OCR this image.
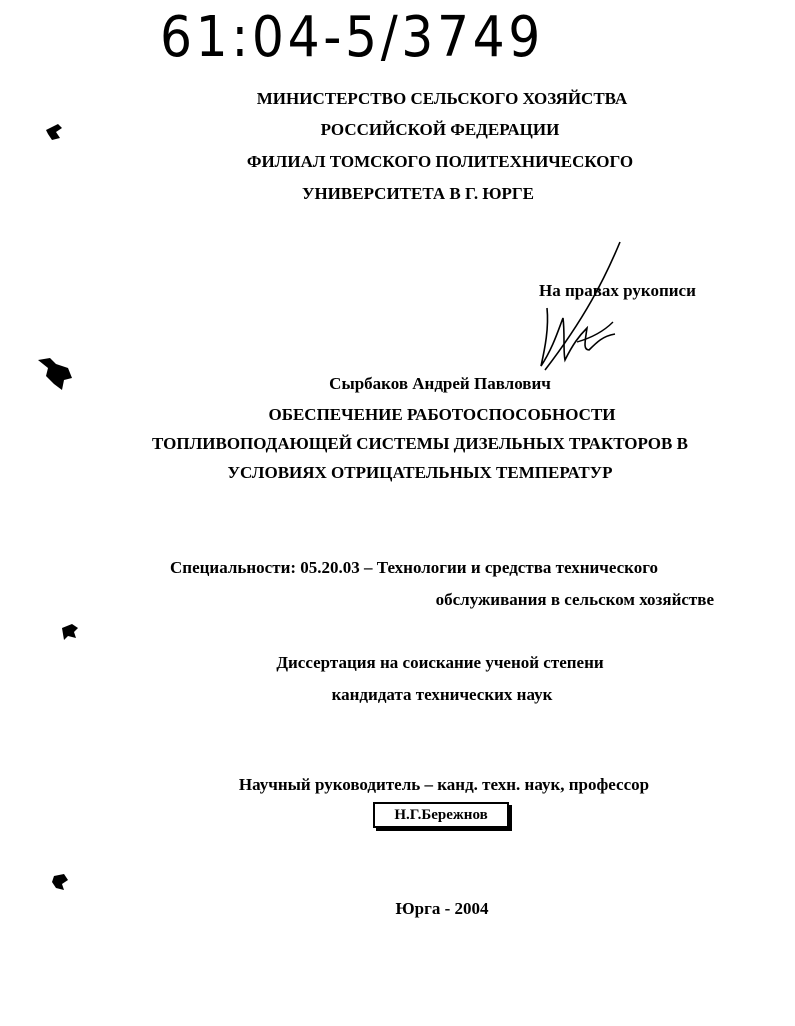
61:04-5/3749
МИНИСТЕРСТВО СЕЛЬСКОГО ХОЗЯЙСТВА
РОССИЙСКОЙ ФЕДЕРАЦИИ
ФИЛИАЛ ТОМСКОГО ПОЛИТЕХНИЧЕСКОГО
УНИВЕРСИТЕТА В Г. ЮРГЕ
На правах рукописи
Сырбаков Андрей Павлович
ОБЕСПЕЧЕНИЕ РАБОТОСПОСОБНОСТИ
ТОПЛИВОПОДАЮЩЕЙ СИСТЕМЫ ДИЗЕЛЬНЫХ ТРАКТОРОВ В
УСЛОВИЯХ ОТРИЦАТЕЛЬНЫХ ТЕМПЕРАТУР
Специальности: 05.20.03 – Технологии и средства технического
обслуживания в сельском хозяйстве
Диссертация на соискание ученой степени
кандидата технических наук
Научный руководитель – канд. техн. наук, профессор
Н.Г.Бережнов
Юрга - 2004
